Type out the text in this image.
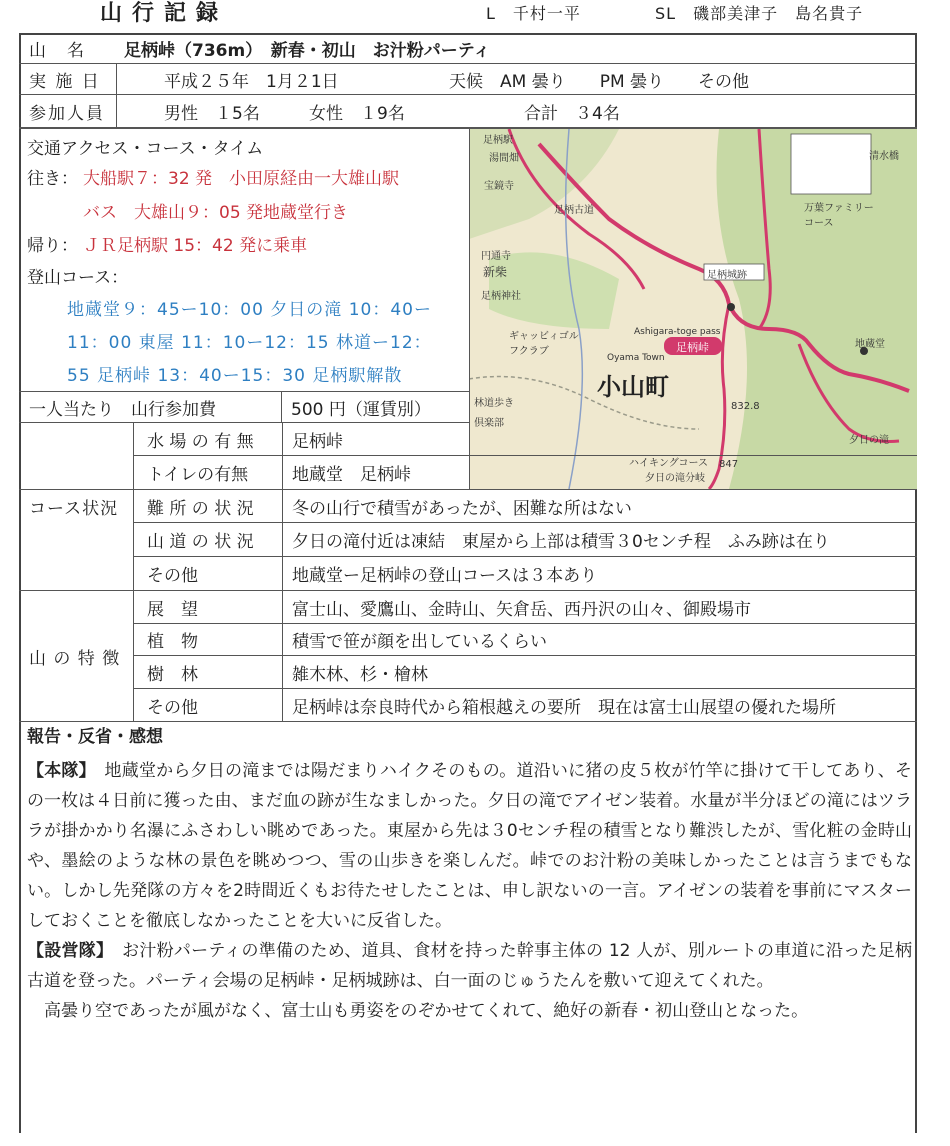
山行記録	L　千村一平	SL　磯部美津子　島名貴子
山　名 足柄峠（736m）　新春・初山　お汁粉パーティ
実 施 日	平成２５年　1月２1日	天候　AM 曇り　　PM 曇り　　その他
参加人員	男性　１5名	女性　１9名	合計　３4名
交通アクセス・コース・タイム
往き： 大船駅７：32 発　小田原経由一大雄山駅
バス　大雄山９：05 発地蔵堂行き
帰り： ＪＲ足柄駅 15：42 発に乗車
登山コース：
地蔵堂９：45ー10：00 夕日の滝 10：40ー
11：00 東屋 11：10ー12：15 林道ー12：
55 足柄峠 13：40ー15：30 足柄駅解散
足柄駅
湯間畑
宝鏡寺
足柄古道
円通寺
新柴
足柄神社
ギャッビィゴルフクラブ
足柄城跡
地蔵堂
夕日の滝
万葉ファミリーコース
清水橋
夕日の滝分岐
ハイキングコース
倶楽部
林道歩き
847
832.8
小山町
Oyama Town
足柄峠
Ashigara-toge pass
一人当たり　山行参加費	500 円（運賃別）
コース状況
水 場 の 有 無 足柄峠
トイレの有無	地蔵堂　足柄峠
難 所 の 状 況 冬の山行で積雪があったが、困難な所はない
山 道 の 状 況 夕日の滝付近は凍結　東屋から上部は積雪３0センチ程　ふみ跡は在り
その他	地蔵堂ー足柄峠の登山コースは３本あり
山 の 特 徴
展　望	富士山、愛鷹山、金時山、矢倉岳、西丹沢の山々、御殿場市
植　物	積雪で笹が顔を出しているくらい
樹　林	雑木林、杉・檜林
その他	足柄峠は奈良時代から箱根越えの要所　現在は富士山展望の優れた場所

報告・反省・感想

【本隊】　 地蔵堂から夕日の滝までは陽だまりハイクそのもの。道沿いに猪の皮５枚が竹竿に掛けて干してあり、その一枚は４日前に獲った由、まだ血の跡が生なましかった。夕日の滝でアイゼン装着。水量が半分ほどの滝にはツララが掛かかり名瀑にふさわしい眺めであった。東屋から先は３0センチ程の積雪となり難渋したが、雪化粧の金時山や、墨絵のような林の景色を眺めつつ、雪の山歩きを楽しんだ。峠でのお汁粉の美味しかったことは言うまでもない。しかし先発隊の方々を2時間近くもお待たせしたことは、申し訳ないの一言。アイゼンの装着を事前にマスターしておくことを徹底しなかったことを大いに反省した。

【設営隊】　 お汁粉パーティの準備のため、道具、食材を持った幹事主体の 12 人が、別ルートの車道に沿った足柄古道を登った。パーティ会場の足柄峠・足柄城跡は、白一面のじゅうたんを敷いて迎えてくれた。

高曇り空であったが風がなく、富士山も勇姿をのぞかせてくれて、絶好の新春・初山登山となった。
